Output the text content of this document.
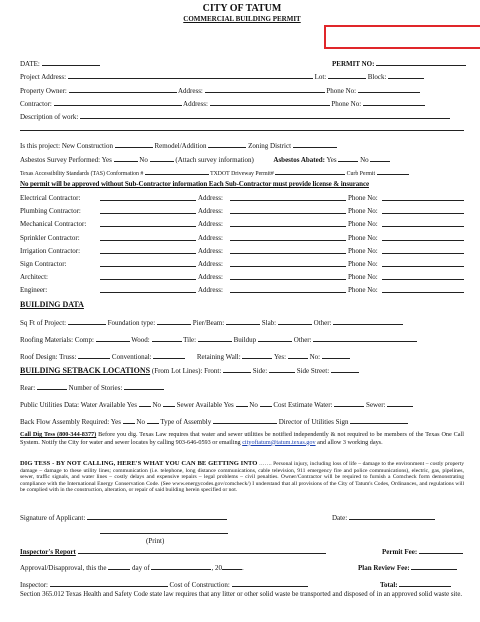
CITY OF TATUM
COMMERCIAL BUILDING PERMIT
DATE:	PERMIT NO:
Project Address:	Lot:	Block:
Property Owner:	Address:	Phone No:
Contractor:	Address:	Phone No:
Description of work:
Is this project: New Construction	Remodel/Addition	Zoning District
Asbestos Survey Performed: Yes	No	(Attach survey information)	Asbestos Abated: Yes	No
Texas Accessibility Standards (TAS) Conformation #	TXDOT Driveway Permit#	Curb Permit
No permit will be approved without Sub-Contractor information Each Sub-Contractor must provide license & insurance
Electrical Contractor:	Address:	Phone No:
Plumbing Contractor:	Address:	Phone No:
Mechanical Contractor:	Address:	Phone No:
Sprinkler Contractor:	Address:	Phone No:
Irrigation Contractor:	Address:	Phone No:
Sign Contractor:	Address:	Phone No:
Architect:	Address:	Phone No:
Engineer:	Address:	Phone No:
BUILDING DATA
Sq Ft of Project:	Foundation type:	Pier/Beam:	Slab:	Other:
Roofing Materials: Comp:	Wood:	Tile:	Buildup	Other:
Roof Design: Truss:	Conventional:	Retaining Wall:	Yes:	No:
BUILDING SETBACK LOCATIONS (From Lot Lines): Front:	Side:	Side Street:
Rear:	Number of Stories:
Public Utilities Data: Water Available Yes No Sewer Available Yes No Cost Estimate Water:	Sewer:
Back Flow Assembly Required: Yes No Type of Assembly	Director of Utilities Sign
Call Dig Tess (800-344-8377) Before you dig. Texas Law requires that water and sewer utilities be notified independently & not required to be members of the Texas One Call System. Notify the City for water and sewer locates by calling 903-646-0593 or emailing cityoftatum@tatum.texas.gov and allow 3 working days.
DIG TESS - BY NOT CALLING, HERE'S WHAT YOU CAN BE GETTING INTO ……. Personal injury, including loss of life – damage to the environment – costly property damage – damage to these utility lines; communication (i.e. telephone, long distance communications, cable television, 911 emergency fire and police communications), electric, gas, pipelines, sewer, traffic signals, and water lines – costly delays and expensive repairs – legal problems – civil penalties. Owner/Contractor will be required to furnish a Comcheck form demonstrating compliance with the International Energy Conservation Code. (See www.energycodes.gov/comcheck/) I understand that all provisions of the City of Tatum's Codes, Ordinances, and regulations will be complied with in the construction, alteration, or repair of said building herein specified or not.
Signature of Applicant:	Date:
(Print)
Inspector's Report	Permit Fee:
Approval/Disapproval, this the	day of	, 20	.	Plan Review Fee:
Inspector:	Cost of Construction:	Total:
Section 365.012 Texas Health and Safety Code state law requires that any litter or other solid waste be transported and disposed of in an approved solid waste site.
